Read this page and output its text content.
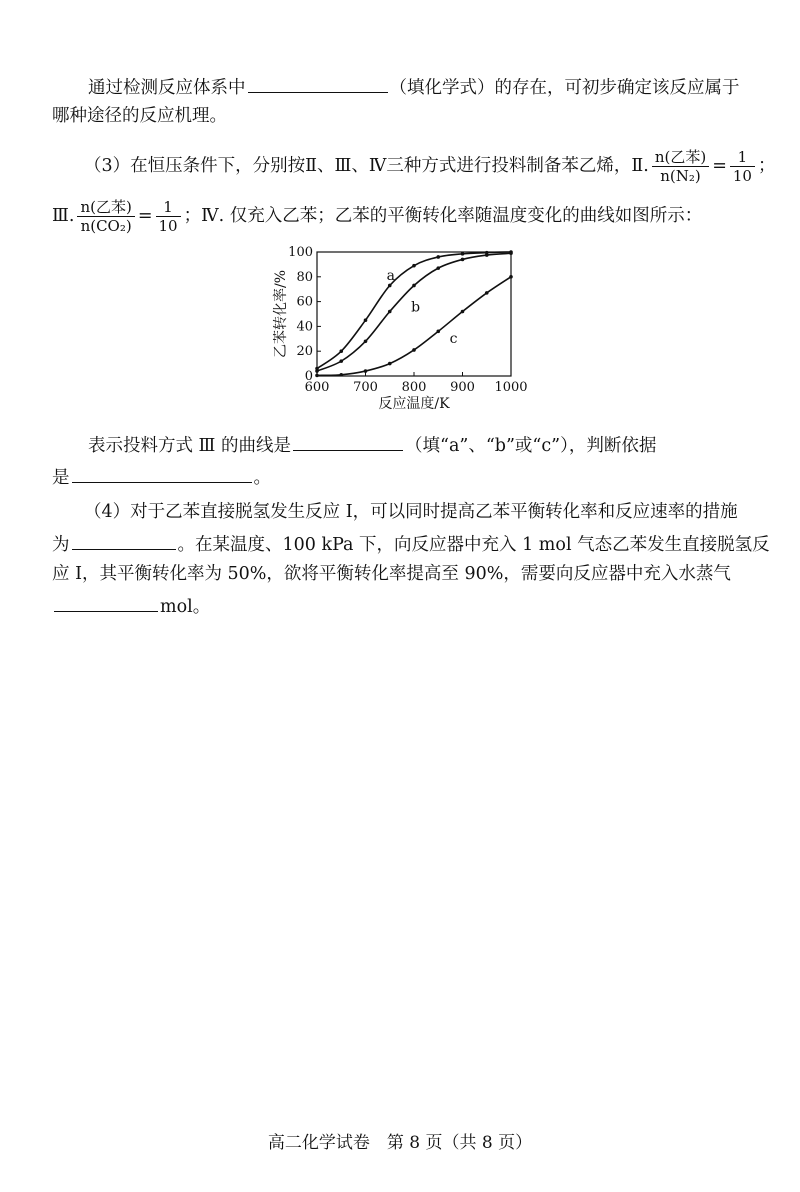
通过检测反应体系中	（填化学式）的存在，可初步确定该反应属于
哪种途径的反应机理。
（3）在恒压条件下，分别按Ⅱ、Ⅲ、Ⅳ三种方式进行投料制备苯乙烯，Ⅱ. $\frac{\text{n(乙苯)}}{\text{n(N₂)}} = \frac{1}{10}$ ；
Ⅲ. $\frac{\text{n(乙苯)}}{\text{n(CO₂)}} = \frac{1}{10}$ ；Ⅳ. 仅充入乙苯；乙苯的平衡转化率随温度变化的曲线如图所示：
600 700 800 900 1000
0
20
40
60
80
100
反应温度/K
乙苯转化率/%	a
b
c
表示投料方式 Ⅲ 的曲线是	（填“a”、“b”或“c”），判断依据
是	。
（4）对于乙苯直接脱氢发生反应 Ⅰ，可以同时提高乙苯平衡转化率和反应速率的措施
为	。在某温度、100 kPa 下，向反应器中充入 1 mol 气态乙苯发生直接脱氢反
应 Ⅰ，其平衡转化率为 50%，欲将平衡转化率提高至 90%，需要向反应器中充入水蒸气
mol。
高二化学试卷　第 8 页（共 8 页）
